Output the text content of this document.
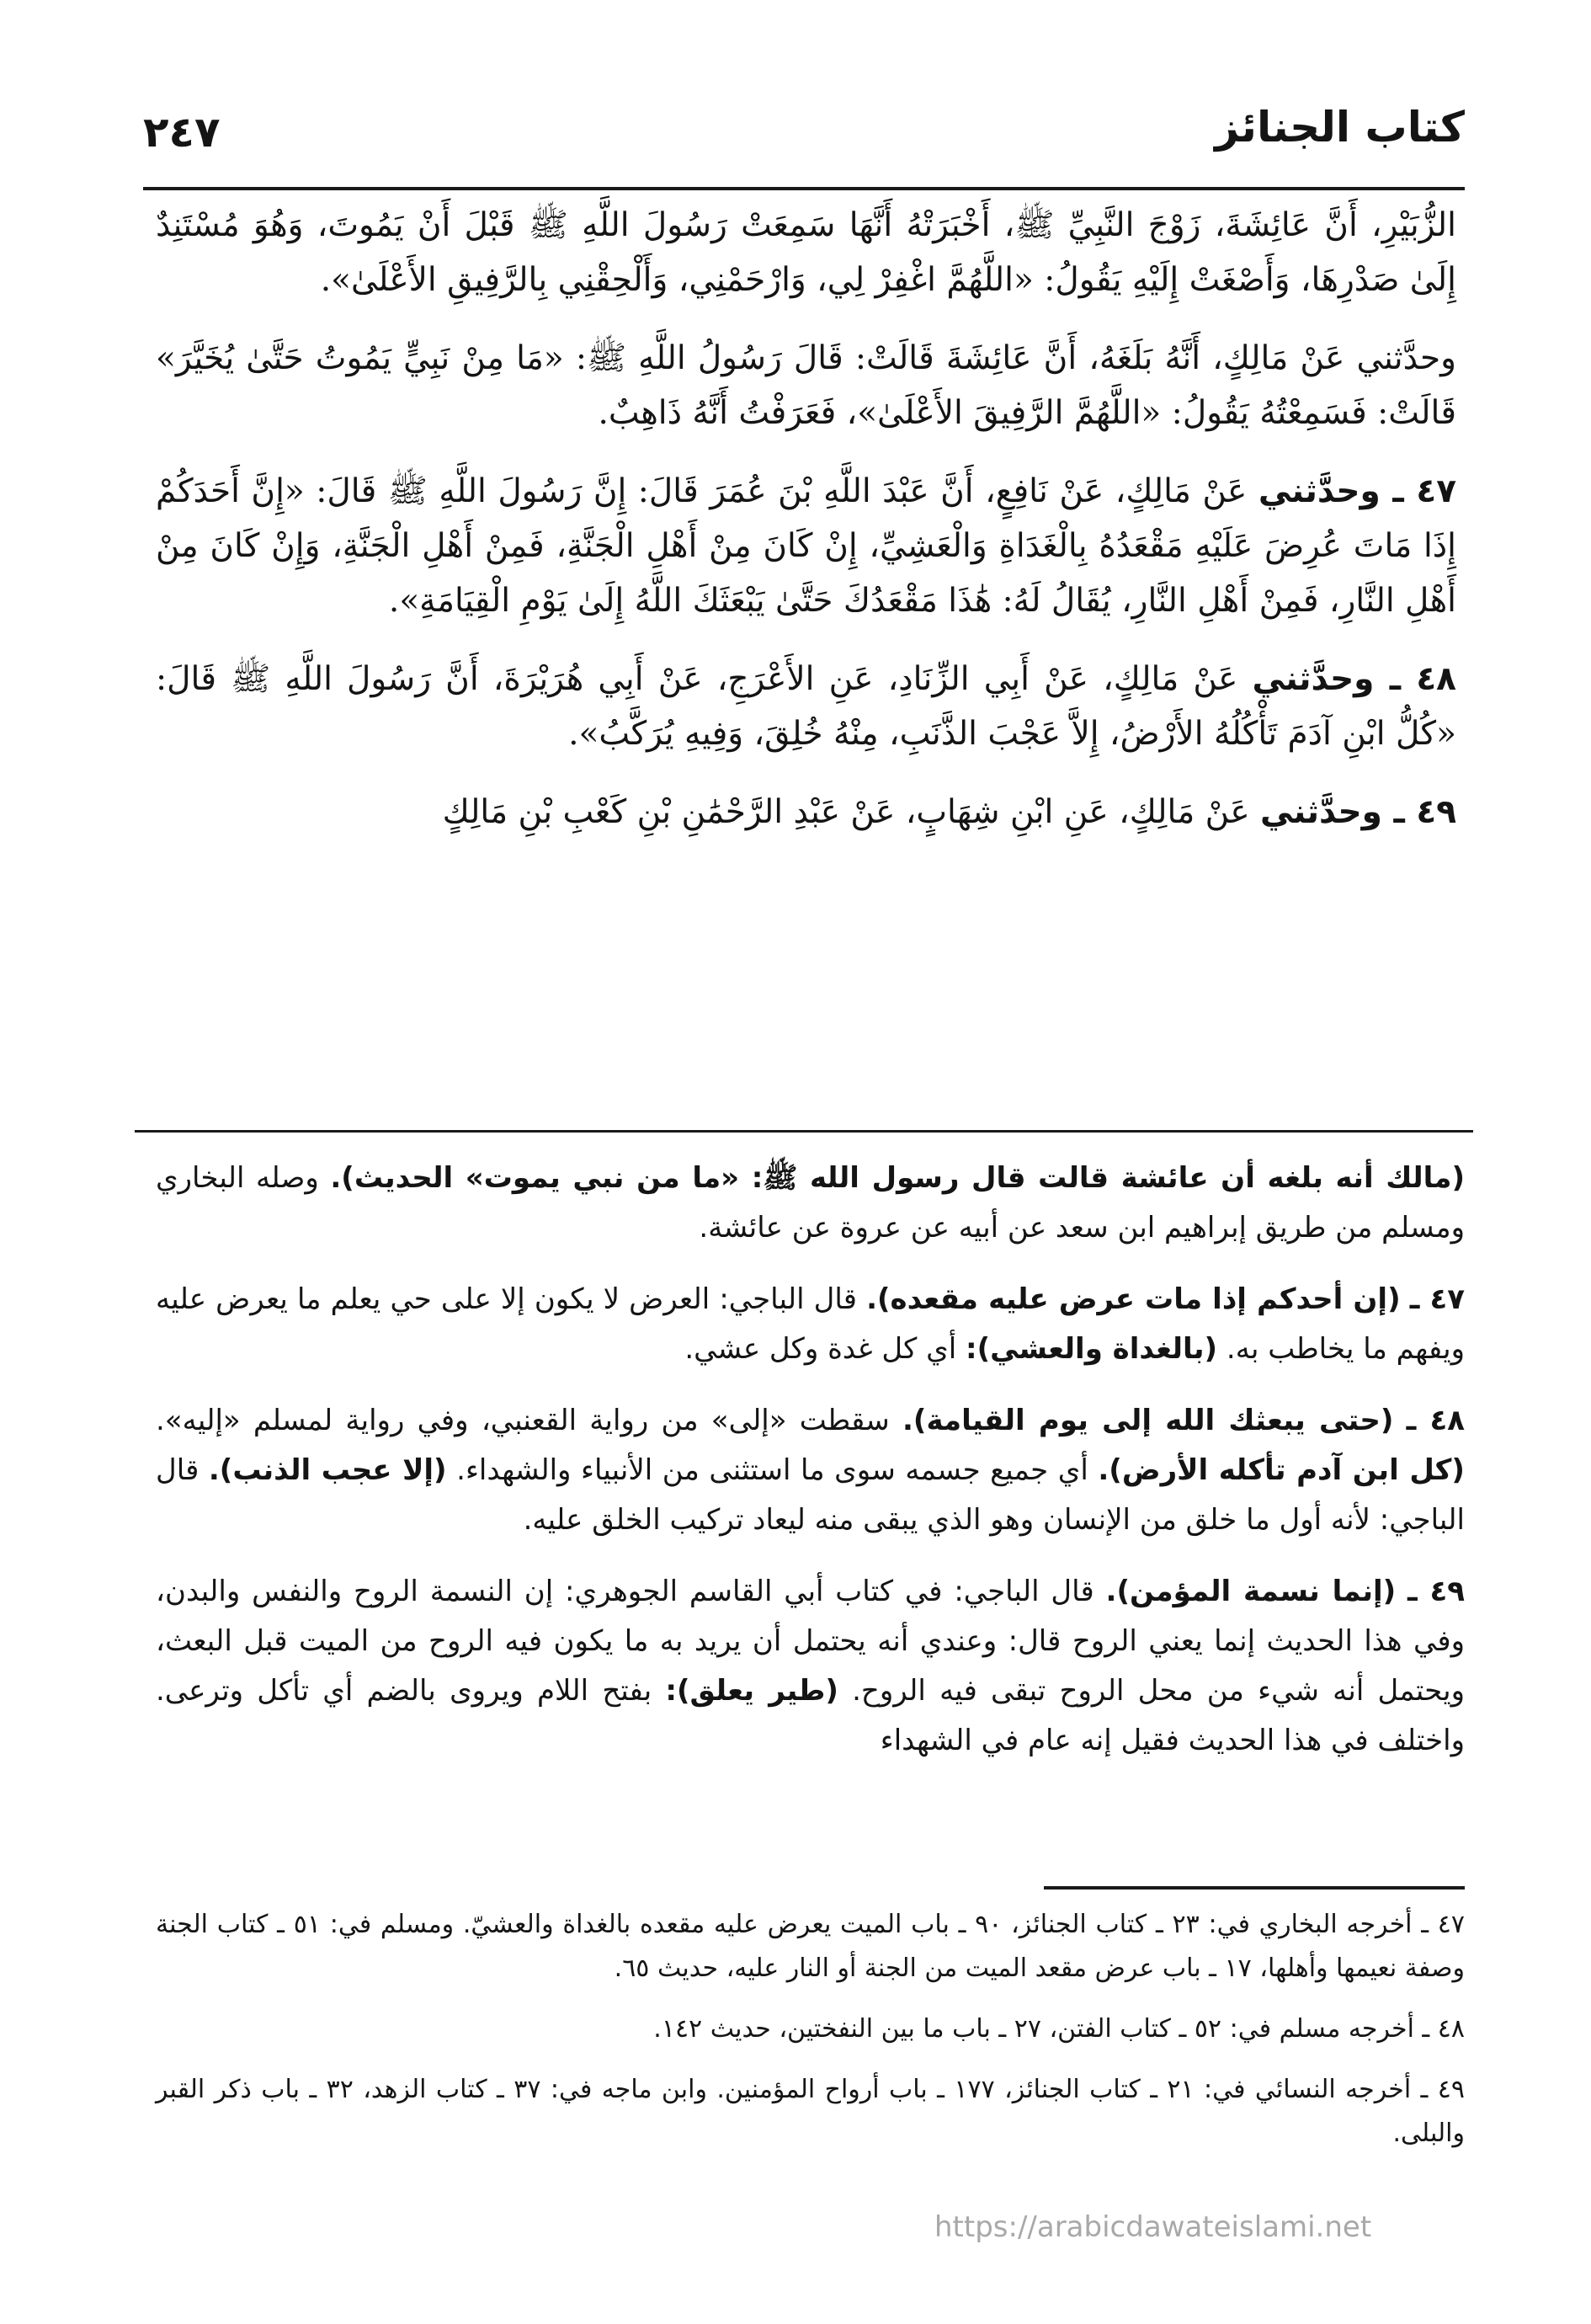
كتاب الجنائز
٢٤٧

الزُّبَيْرِ، أَنَّ عَائِشَةَ، زَوْجَ النَّبِيِّ ﷺ، أَخْبَرَتْهُ أَنَّهَا سَمِعَتْ رَسُولَ اللَّهِ ﷺ قَبْلَ أَنْ يَمُوتَ، وَهُوَ مُسْتَنِدٌ إِلَىٰ صَدْرِهَا، وَأَصْغَتْ إِلَيْهِ يَقُولُ: «اللَّهُمَّ اغْفِرْ لِي، وَارْحَمْنِي، وَأَلْحِقْنِي بِالرَّفِيقِ الأَعْلَىٰ».

وحدَّثني عَنْ مَالِكٍ، أَنَّهُ بَلَغَهُ، أَنَّ عَائِشَةَ قَالَتْ: قَالَ رَسُولُ اللَّهِ ﷺ: «مَا مِنْ نَبِيٍّ يَمُوتُ حَتَّىٰ يُخَيَّرَ» قَالَتْ: فَسَمِعْتُهُ يَقُولُ: «اللَّهُمَّ الرَّفِيقَ الأَعْلَىٰ»، فَعَرَفْتُ أَنَّهُ ذَاهِبٌ.

٤٧ ـ وحدَّثني عَنْ مَالِكٍ، عَنْ نَافِعٍ، أَنَّ عَبْدَ اللَّهِ بْنَ عُمَرَ قَالَ: إِنَّ رَسُولَ اللَّهِ ﷺ قَالَ: «إِنَّ أَحَدَكُمْ إِذَا مَاتَ عُرِضَ عَلَيْهِ مَقْعَدُهُ بِالْغَدَاةِ وَالْعَشِيِّ، إِنْ كَانَ مِنْ أَهْلِ الْجَنَّةِ، فَمِنْ أَهْلِ الْجَنَّةِ، وَإِنْ كَانَ مِنْ أَهْلِ النَّارِ، فَمِنْ أَهْلِ النَّارِ، يُقَالُ لَهُ: هَٰذَا مَقْعَدُكَ حَتَّىٰ يَبْعَثَكَ اللَّهُ إِلَىٰ يَوْمِ الْقِيَامَةِ».

٤٨ ـ وحدَّثني عَنْ مَالِكٍ، عَنْ أَبِي الزِّنَادِ، عَنِ الأَعْرَجِ، عَنْ أَبِي هُرَيْرَةَ، أَنَّ رَسُولَ اللَّهِ ﷺ قَالَ: «كُلُّ ابْنِ آدَمَ تَأْكُلُهُ الأَرْضُ، إِلاَّ عَجْبَ الذَّنَبِ، مِنْهُ خُلِقَ، وَفِيهِ يُرَكَّبُ».

٤٩ ـ وحدَّثني عَنْ مَالِكٍ، عَنِ ابْنِ شِهَابٍ، عَنْ عَبْدِ الرَّحْمَٰنِ بْنِ كَعْبِ بْنِ مَالِكٍ

(مالك أنه بلغه أن عائشة قالت قال رسول الله ﷺ: «ما من نبي يموت» الحديث). وصله البخاري ومسلم من طريق إبراهيم ابن سعد عن أبيه عن عروة عن عائشة.

٤٧ ـ (إن أحدكم إذا مات عرض عليه مقعده). قال الباجي: العرض لا يكون إلا على حي يعلم ما يعرض عليه ويفهم ما يخاطب به. (بالغداة والعشي): أي كل غدة وكل عشي.

٤٨ ـ (حتى يبعثك الله إلى يوم القيامة). سقطت «إلى» من رواية القعنبي، وفي رواية لمسلم «إليه». (كل ابن آدم تأكله الأرض). أي جميع جسمه سوى ما استثنى من الأنبياء والشهداء. (إلا عجب الذنب). قال الباجي: لأنه أول ما خلق من الإنسان وهو الذي يبقى منه ليعاد تركيب الخلق عليه.

٤٩ ـ (إنما نسمة المؤمن). قال الباجي: في كتاب أبي القاسم الجوهري: إن النسمة الروح والنفس والبدن، وفي هذا الحديث إنما يعني الروح قال: وعندي أنه يحتمل أن يريد به ما يكون فيه الروح من الميت قبل البعث، ويحتمل أنه شيء من محل الروح تبقى فيه الروح. (طير يعلق): بفتح اللام ويروى بالضم أي تأكل وترعى. واختلف في هذا الحديث فقيل إنه عام في الشهداء

٤٧ ـ أخرجه البخاري في: ٢٣ ـ كتاب الجنائز، ٩٠ ـ باب الميت يعرض عليه مقعده بالغداة والعشيّ. ومسلم في: ٥١ ـ كتاب الجنة وصفة نعيمها وأهلها، ١٧ ـ باب عرض مقعد الميت من الجنة أو النار عليه، حديث ٦٥.

٤٨ ـ أخرجه مسلم في: ٥٢ ـ كتاب الفتن، ٢٧ ـ باب ما بين النفختين، حديث ١٤٢.

٤٩ ـ أخرجه النسائي في: ٢١ ـ كتاب الجنائز، ١٧٧ ـ باب أرواح المؤمنين. وابن ماجه في: ٣٧ ـ كتاب الزهد، ٣٢ ـ باب ذكر القبر والبلى.

https://arabicdawateislami.net
